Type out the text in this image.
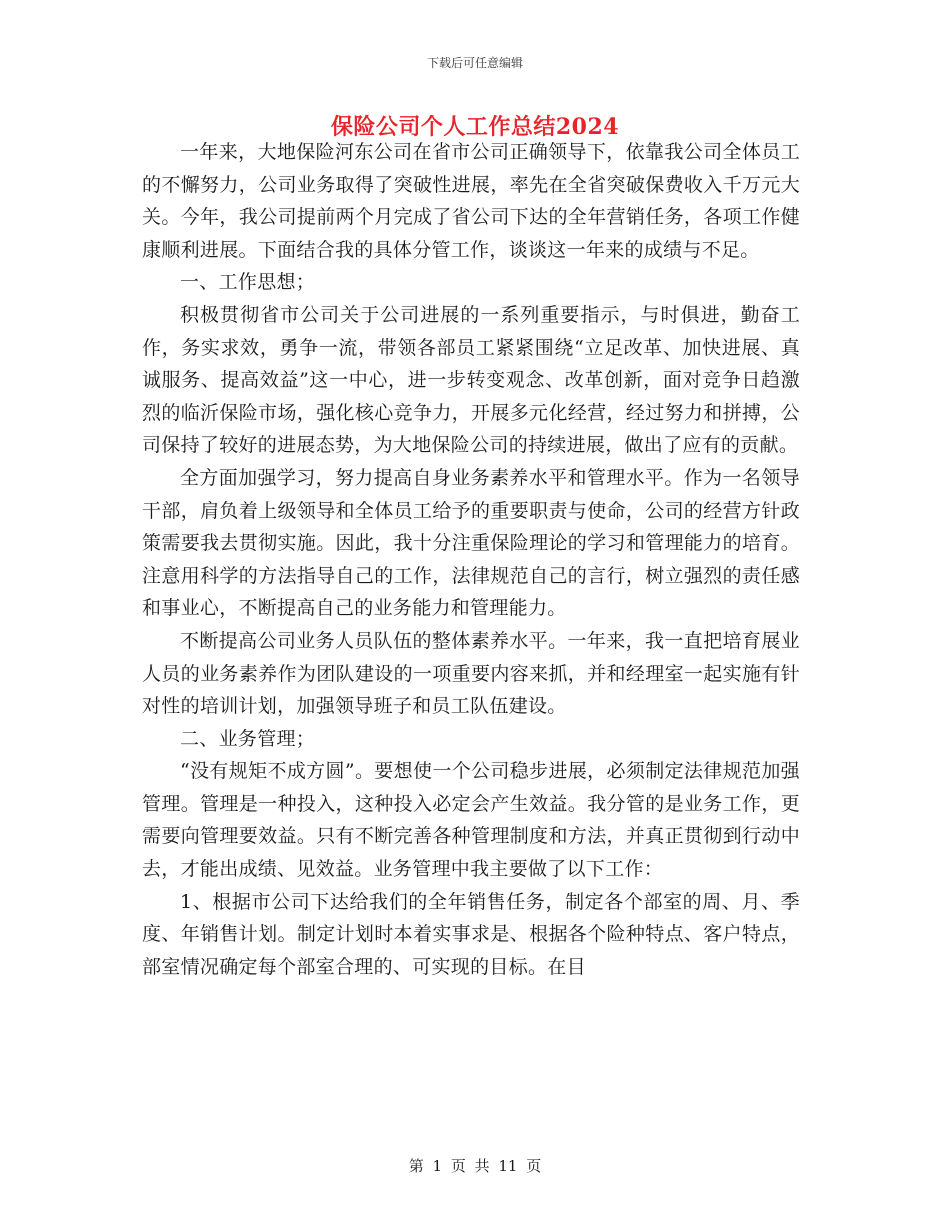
下载后可任意编辑
保险公司个人工作总结2024

一年来，大地保险河东公司在省市公司正确领导下，依靠我公司全体员工的不懈努力，公司业务取得了突破性进展，率先在全省突破保费收入千万元大关。今年，我公司提前两个月完成了省公司下达的全年营销任务，各项工作健康顺利进展。下面结合我的具体分管工作，谈谈这一年来的成绩与不足。

一、工作思想；

积极贯彻省市公司关于公司进展的一系列重要指示，与时俱进，勤奋工作，务实求效，勇争一流，带领各部员工紧紧围绕“立足改革、加快进展、真诚服务、提高效益”这一中心，进一步转变观念、改革创新，面对竞争日趋激烈的临沂保险市场，强化核心竞争力，开展多元化经营，经过努力和拼搏，公司保持了较好的进展态势，为大地保险公司的持续进展，做出了应有的贡献。

全方面加强学习，努力提高自身业务素养水平和管理水平。作为一名领导干部，肩负着上级领导和全体员工给予的重要职责与使命，公司的经营方针政策需要我去贯彻实施。因此，我十分注重保险理论的学习和管理能力的培育。注意用科学的方法指导自己的工作，法律规范自己的言行，树立强烈的责任感和事业心，不断提高自己的业务能力和管理能力。

不断提高公司业务人员队伍的整体素养水平。一年来，我一直把培育展业人员的业务素养作为团队建设的一项重要内容来抓，并和经理室一起实施有针对性的培训计划，加强领导班子和员工队伍建设。

二、业务管理；

“没有规矩不成方圆”。要想使一个公司稳步进展，必须制定法律规范加强管理。管理是一种投入，这种投入必定会产生效益。我分管的是业务工作，更需要向管理要效益。只有不断完善各种管理制度和方法，并真正贯彻到行动中去，才能出成绩、见效益。业务管理中我主要做了以下工作：

1、根据市公司下达给我们的全年销售任务，制定各个部室的周、月、季度、年销售计划。制定计划时本着实事求是、根据各个险种特点、客户特点，部室情况确定每个部室合理的、可实现的目标。在目

第 1 页 共 11 页
